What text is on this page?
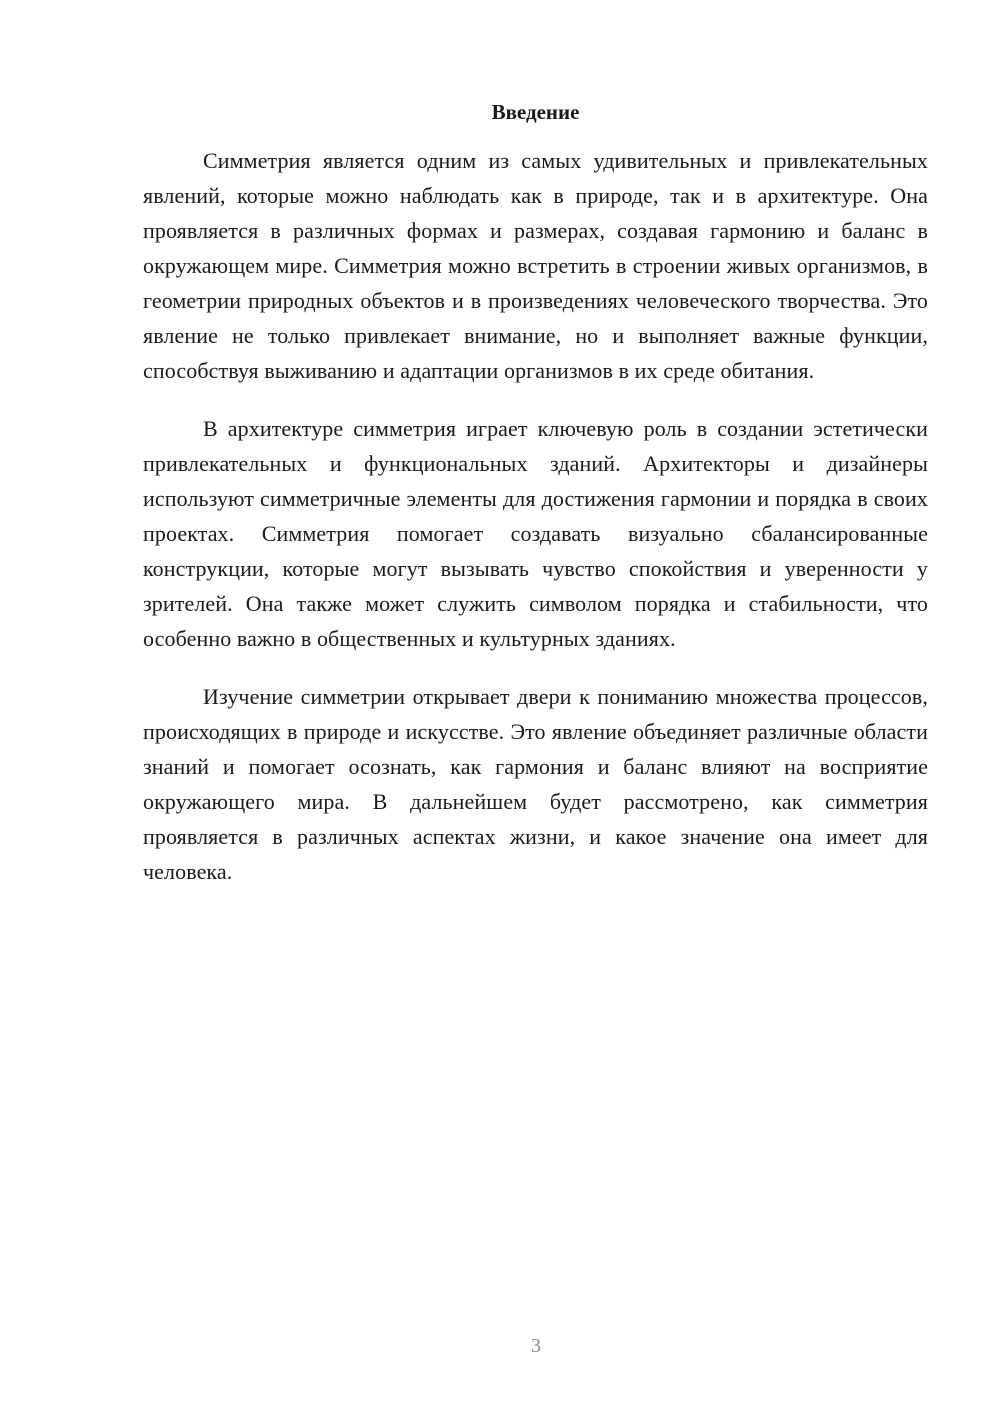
Введение

Симметрия является одним из самых удивительных и привлекательных явлений, которые можно наблюдать как в природе, так и в архитектуре. Она проявляется в различных формах и размерах, создавая гармонию и баланс в окружающем мире. Симметрия можно встретить в строении живых организмов, в геометрии природных объектов и в произведениях человеческого творчества. Это явление не только привлекает внимание, но и выполняет важные функции, способствуя выживанию и адаптации организмов в их среде обитания.

В архитектуре симметрия играет ключевую роль в создании эстетически привлекательных и функциональных зданий. Архитекторы и дизайнеры используют симметричные элементы для достижения гармонии и порядка в своих проектах. Симметрия помогает создавать визуально сбалансированные конструкции, которые могут вызывать чувство спокойствия и уверенности у зрителей. Она также может служить символом порядка и стабильности, что особенно важно в общественных и культурных зданиях.

Изучение симметрии открывает двери к пониманию множества процессов, происходящих в природе и искусстве. Это явление объединяет различные области знаний и помогает осознать, как гармония и баланс влияют на восприятие окружающего мира. В дальнейшем будет рассмотрено, как симметрия проявляется в различных аспектах жизни, и какое значение она имеет для человека.

3
